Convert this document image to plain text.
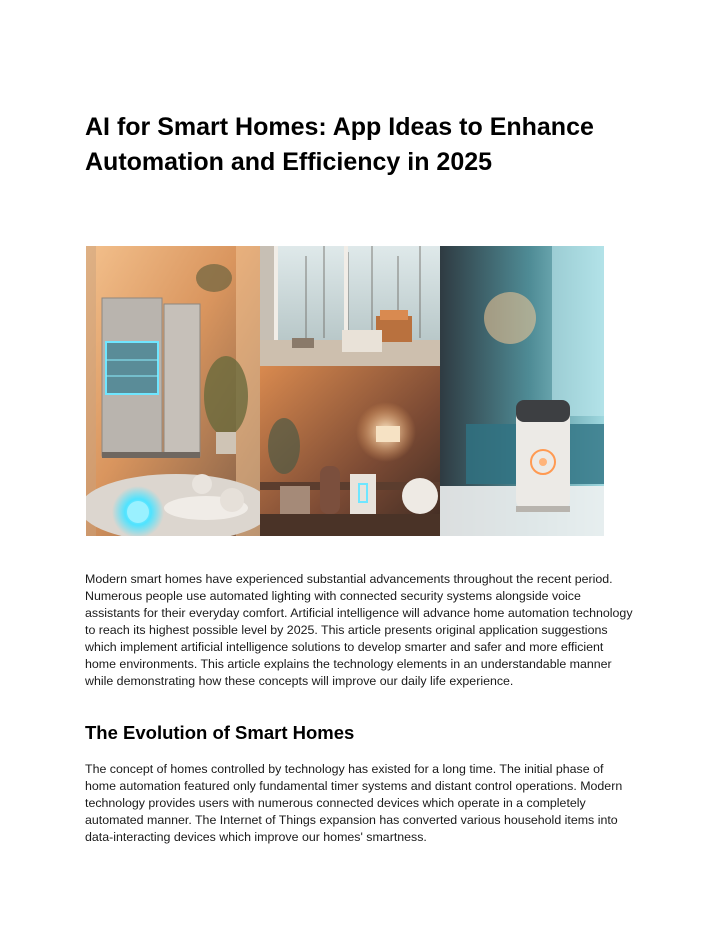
AI for Smart Homes: App Ideas to Enhance Automation and Efficiency in 2025

Modern smart homes have experienced substantial advancements throughout the recent period. Numerous people use automated lighting with connected security systems alongside voice assistants for their everyday comfort. Artificial intelligence will advance home automation technology to reach its highest possible level by 2025. This article presents original application suggestions which implement artificial intelligence solutions to develop smarter and safer and more efficient home environments. This article explains the technology elements in an understandable manner while demonstrating how these concepts will improve our daily life experience.

The Evolution of Smart Homes

The concept of homes controlled by technology has existed for a long time. The initial phase of home automation featured only fundamental timer systems and distant control operations. Modern technology provides users with numerous connected devices which operate in a completely automated manner. The Internet of Things expansion has converted various household items into data-interacting devices which improve our homes' smartness.
